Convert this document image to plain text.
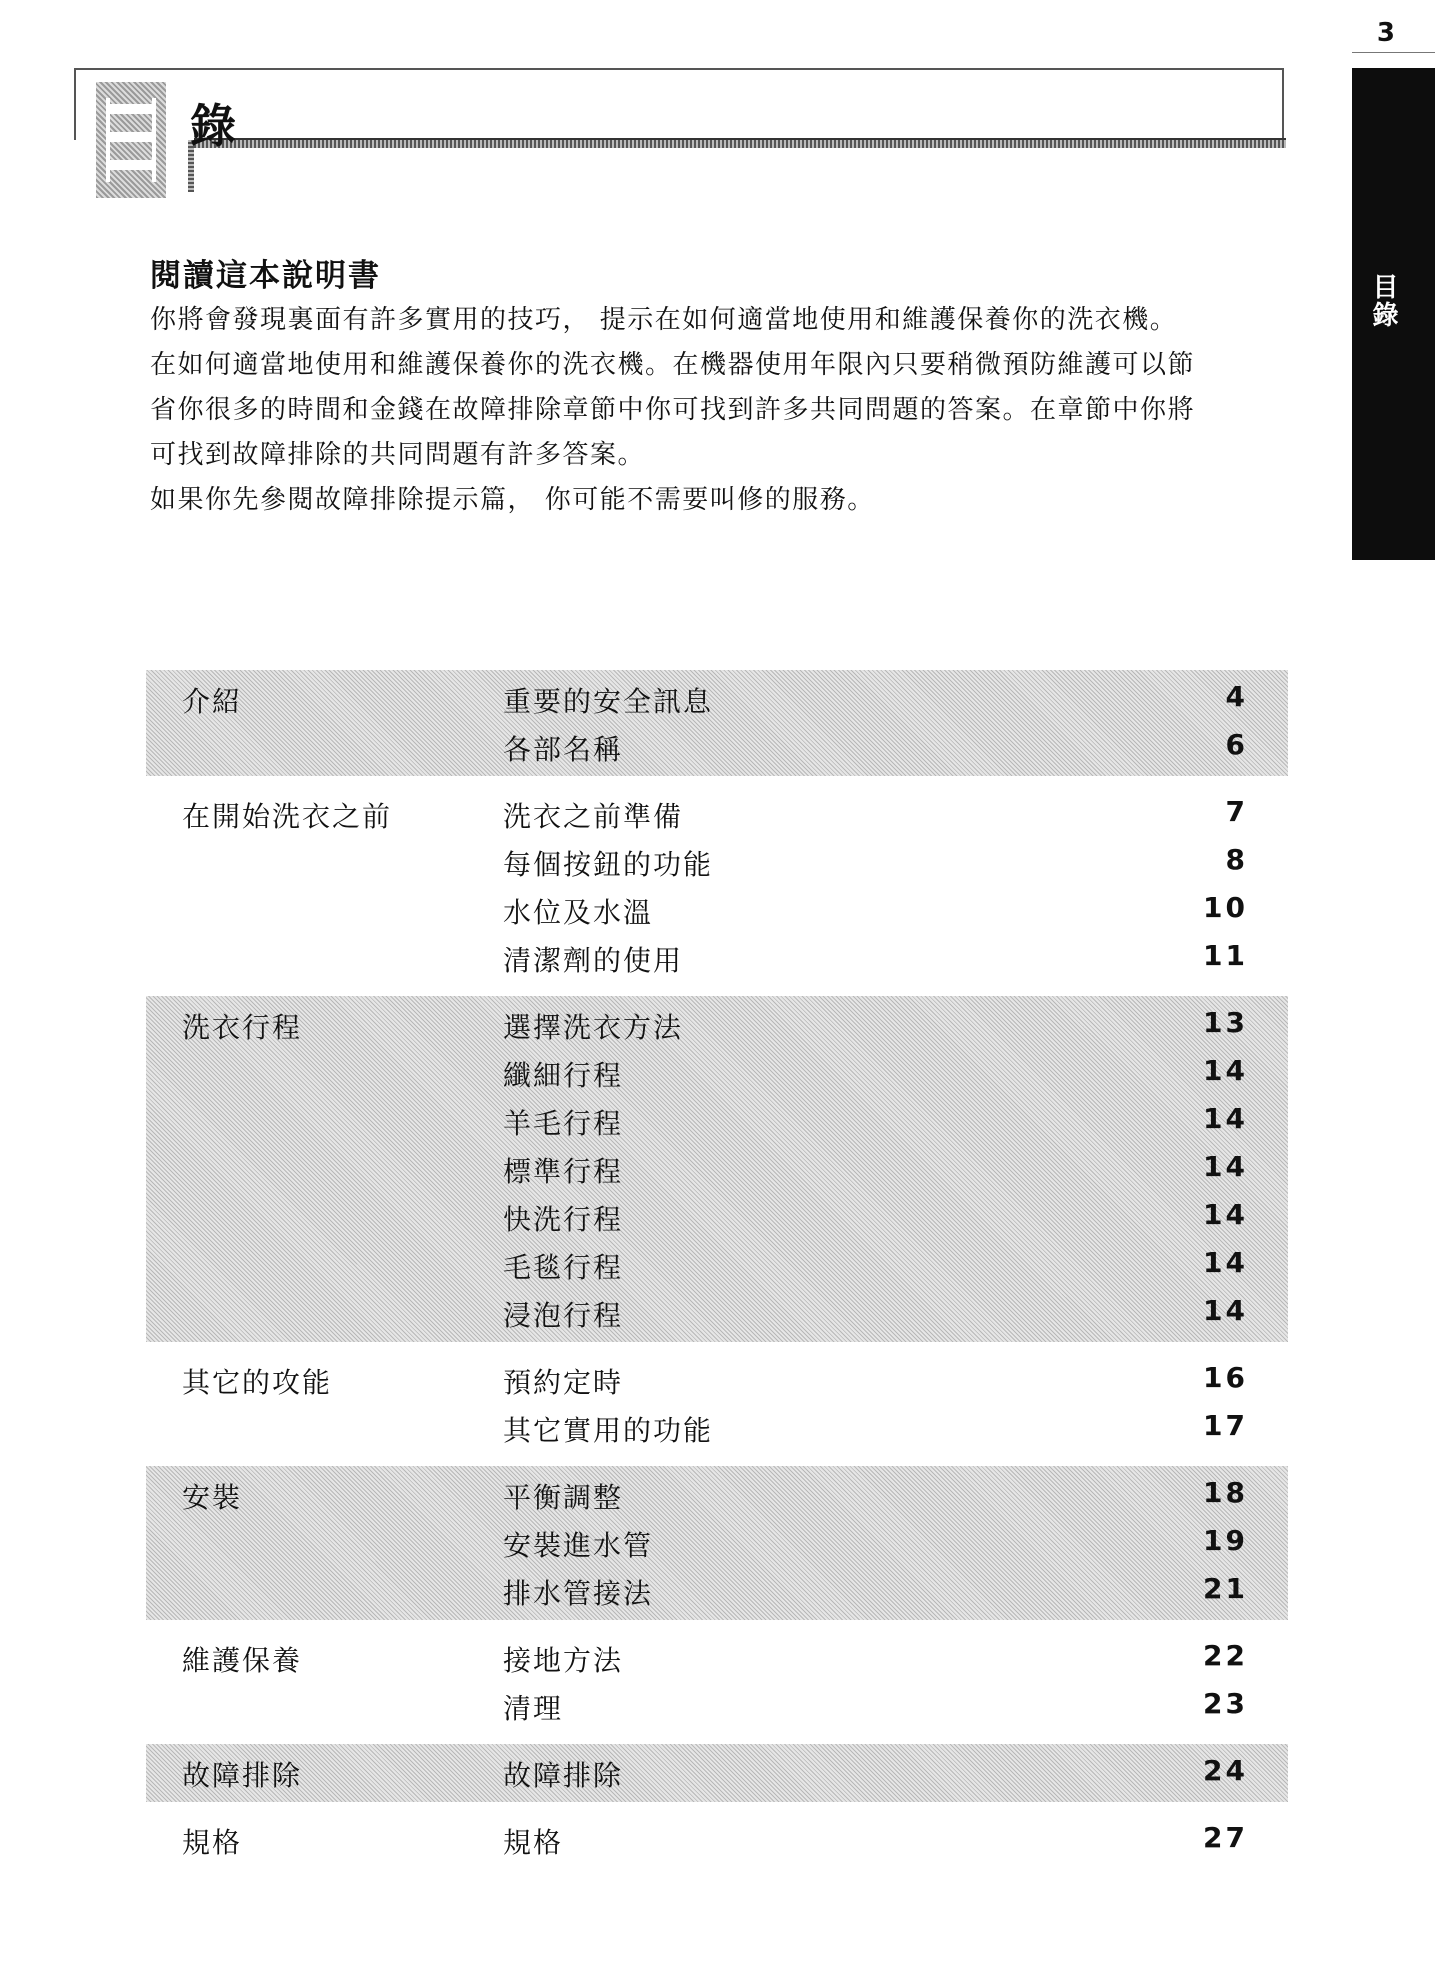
3
目錄
錄
閱讀這本說明書

你將會發現裏面有許多實用的技巧， 提示在如何適當地使用和維護保養你的洗衣機。

在如何適當地使用和維護保養你的洗衣機。在機器使用年限內只要稍微預防維護可以節

省你很多的時間和金錢在故障排除章節中你可找到許多共同問題的答案。在章節中你將

可找到故障排除的共同問題有許多答案。

如果你先參閱故障排除提示篇， 你可能不需要叫修的服務。

介紹	重要的安全訊息	4
各部名稱	6
在開始洗衣之前	洗衣之前準備	7
每個按鈕的功能	8
水位及水溫	10
清潔劑的使用	11
洗衣行程	選擇洗衣方法	13
纖細行程	14
羊毛行程	14
標準行程	14
快洗行程	14
毛毯行程	14
浸泡行程	14
其它的攻能	預約定時	16
其它實用的功能	17
安裝	平衡調整	18
安裝進水管	19
排水管接法	21
維護保養	接地方法	22
清理	23
故障排除	故障排除	24
規格	規格	27
